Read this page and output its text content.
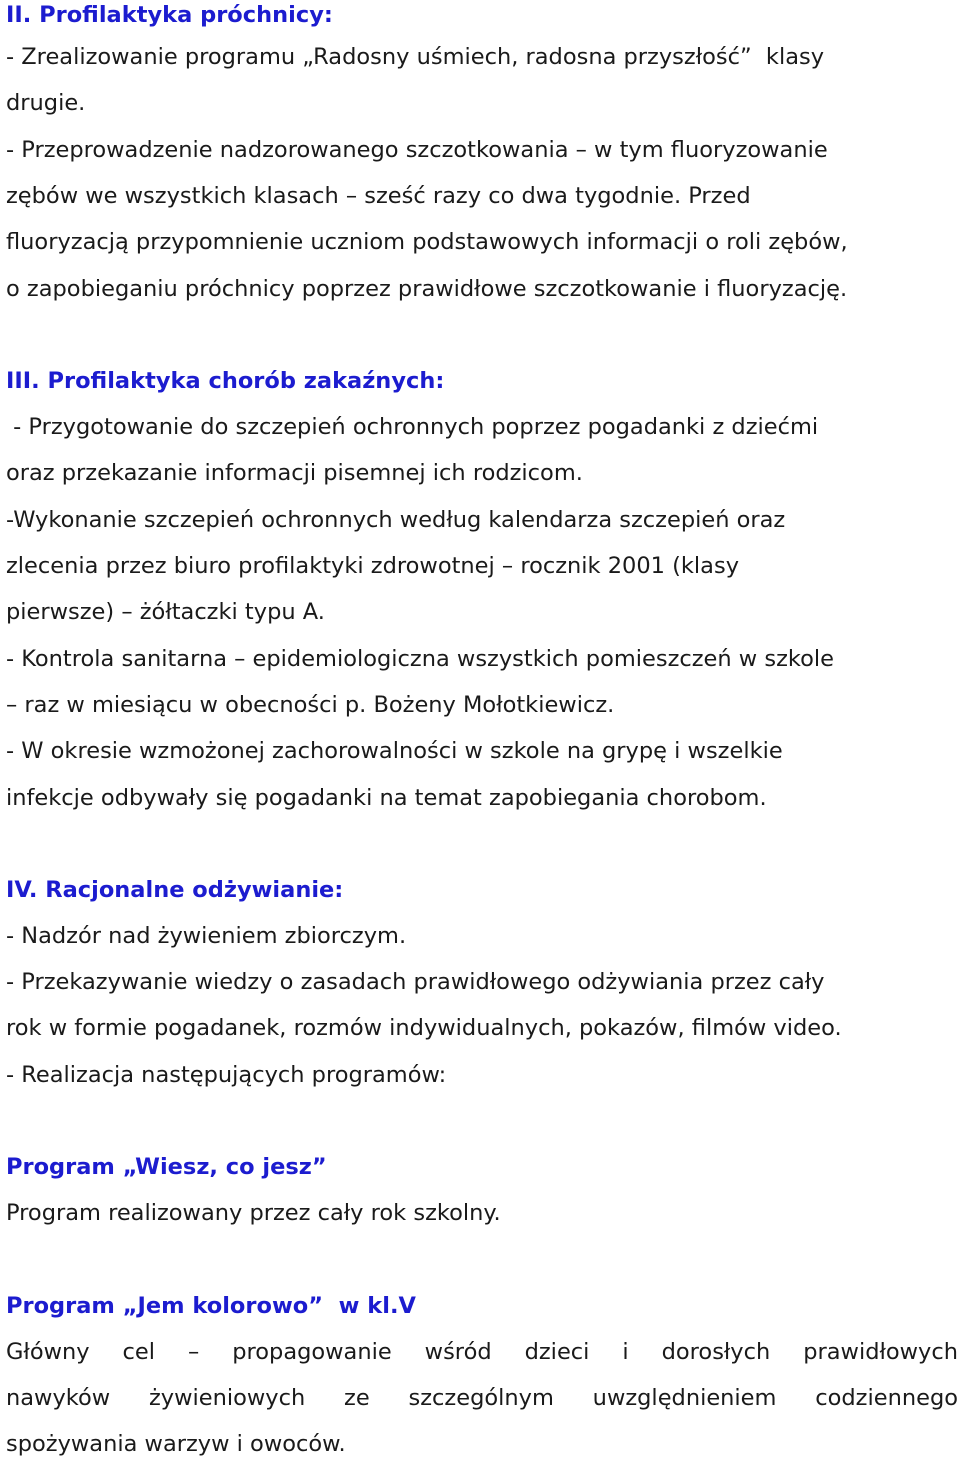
II. Profilaktyka próchnicy:
- Zrealizowanie programu „Radosny uśmiech, radosna przyszłość”  klasy
drugie.
- Przeprowadzenie nadzorowanego szczotkowania – w tym fluoryzowanie
zębów we wszystkich klasach – sześć razy co dwa tygodnie. Przed
fluoryzacją przypomnienie uczniom podstawowych informacji o roli zębów,
o zapobieganiu próchnicy poprzez prawidłowe szczotkowanie i fluoryzację.
III. Profilaktyka chorób zakaźnych:
- Przygotowanie do szczepień ochronnych poprzez pogadanki z dziećmi
oraz przekazanie informacji pisemnej ich rodzicom.
-Wykonanie szczepień ochronnych według kalendarza szczepień oraz
zlecenia przez biuro profilaktyki zdrowotnej – rocznik 2001 (klasy
pierwsze) – żółtaczki typu A.
- Kontrola sanitarna – epidemiologiczna wszystkich pomieszczeń w szkole
– raz w miesiącu w obecności p. Bożeny Mołotkiewicz.
- W okresie wzmożonej zachorowalności w szkole na grypę i wszelkie
infekcje odbywały się pogadanki na temat zapobiegania chorobom.
IV. Racjonalne odżywianie:
- Nadzór nad żywieniem zbiorczym.
- Przekazywanie wiedzy o zasadach prawidłowego odżywiania przez cały
rok w formie pogadanek, rozmów indywidualnych, pokazów, filmów video.
- Realizacja następujących programów:
Program „Wiesz, co jesz”
Program realizowany przez cały rok szkolny.
Program „Jem kolorowo”  w kl.V
Główny cel – propagowanie wśród dzieci i dorosłych prawidłowych
nawyków żywieniowych ze szczególnym uwzględnieniem codziennego
spożywania warzyw i owoców.
